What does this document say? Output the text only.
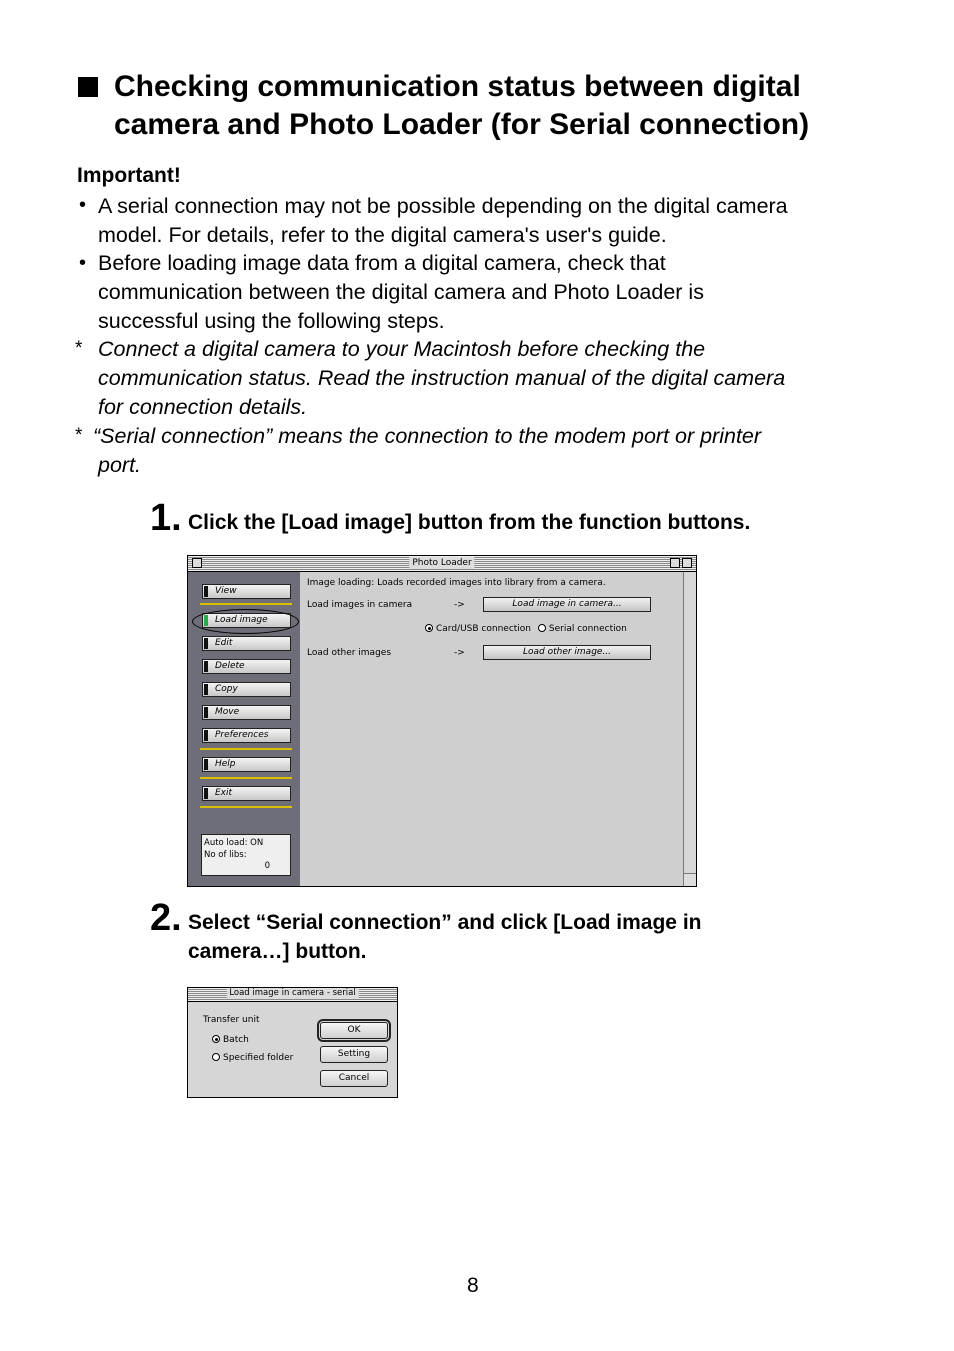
Checking communication status between digital
camera and Photo Loader (for Serial connection)
Important!
• A serial connection may not be possible depending on the digital camera
model. For details, refer to the digital camera's user's guide.
• Before loading image data from a digital camera, check that
communication between the digital camera and Photo Loader is
successful using the following steps.
* Connect a digital camera to your Macintosh before checking the
communication status. Read the instruction manual of the digital camera
for connection details.
* “Serial connection” means the connection to the modem port or printer
port.
1. Click the [Load image] button from the function buttons.
Photo Loader
View
Load image
Edit
Delete
Copy
Move
Preferences
Help
Exit
Auto load: ON
No of libs:
0
Image loading: Loads recorded images into library from a camera.
Load images in camera	->	Load image in camera...
Card/USB connection Serial connection
Load other images	->	Load other image...
2. Select “Serial connection” and click [Load image in
camera…] button.
Load image in camera - serial
Transfer unit
Batch
Specified folder
OK
Setting
Cancel
8
